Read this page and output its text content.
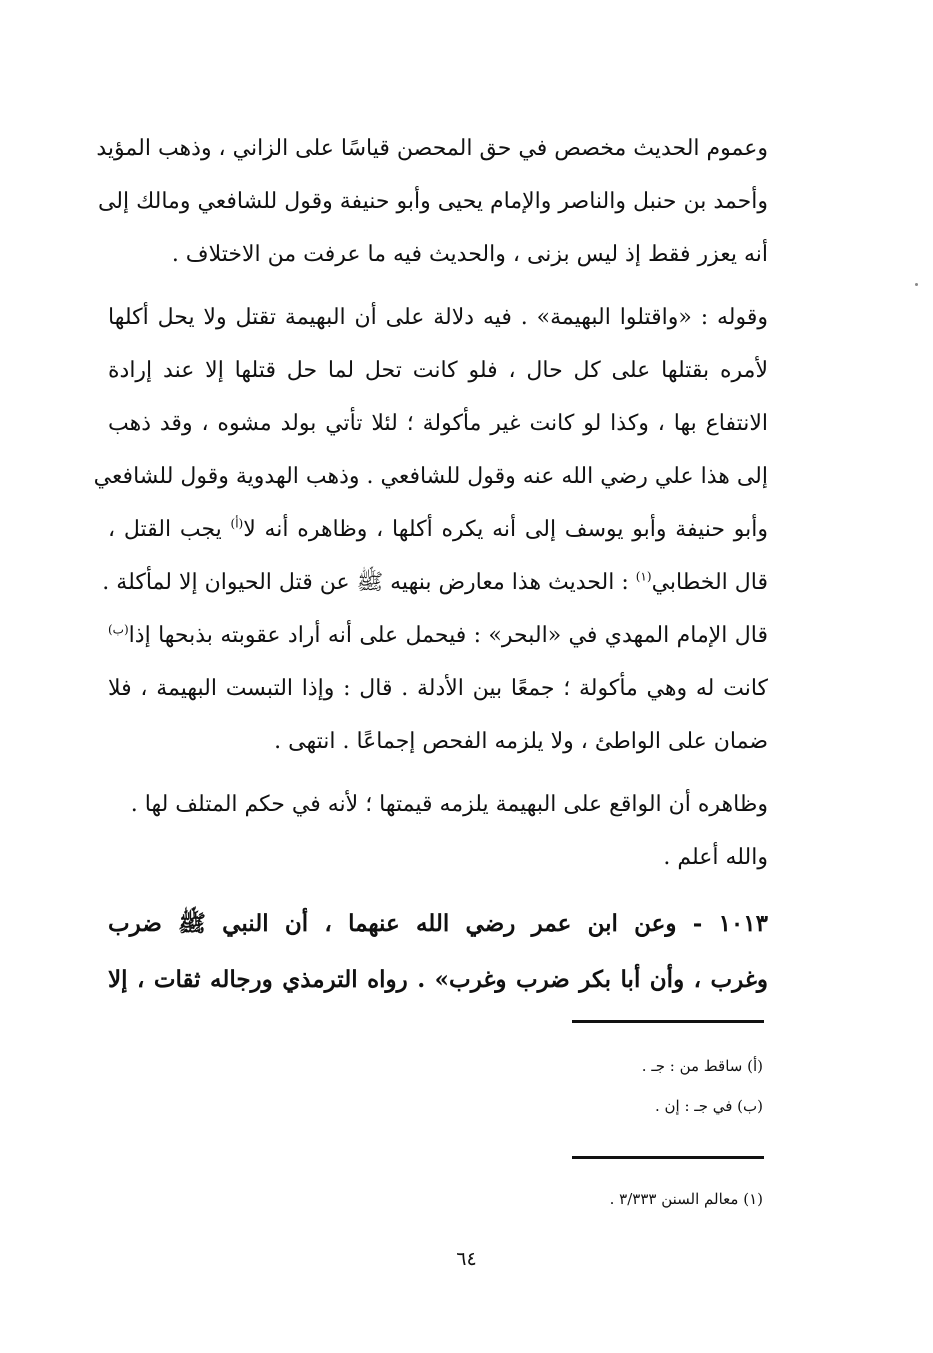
وعموم الحديث مخصص في حق المحصن قياسًا على الزاني ، وذهب المؤيد
وأحمد بن حنبل والناصر والإمام يحيى وأبو حنيفة وقول للشافعي ومالك إلى
أنه يعزر فقط إذ ليس بزنى ، والحديث فيه ما عرفت من الاختلاف .
وقوله : «واقتلوا البهيمة» . فيه دلالة على أن البهيمة تقتل ولا يحل أكلها
لأمره بقتلها على كل حال ، فلو كانت تحل لما حل قتلها إلا عند إرادة
الانتفاع بها ، وكذا لو كانت غير مأكولة ؛ لئلا تأتي بولد مشوه ، وقد ذهب
إلى هذا علي رضي الله عنه وقول للشافعي . وذهب الهدوية وقول للشافعي
وأبو حنيفة وأبو يوسف إلى أنه يكره أكلها ، وظاهره أنه لا$^{(أ)}$ يجب القتل ،
قال الخطابي$^{(١)}$ : الحديث هذا معارض بنهيه ﷺ عن قتل الحيوان إلا لمأكلة .
قال الإمام المهدي في «البحر» : فيحمل على أنه أراد عقوبته بذبحها إذا$^{(ب)}$
كانت له وهي مأكولة ؛ جمعًا بين الأدلة . قال : وإذا التبست البهيمة ، فلا
ضمان على الواطئ ، ولا يلزمه الفحص إجماعًا . انتهى .
وظاهره أن الواقع على البهيمة يلزمه قيمتها ؛ لأنه في حكم المتلف لها .
والله أعلم .
١٠١٣ - وعن ابن عمر رضي الله عنهما ، أن النبي ﷺ ضرب
وغرب ، وأن أبا بكر ضرب وغرب» . رواه الترمذي ورجاله ثقات ، إلا
(أ) ساقط من : جـ .
(ب) في جـ : إن .
(١) معالم السنن ٣/٣٣٣ .
٦٤
